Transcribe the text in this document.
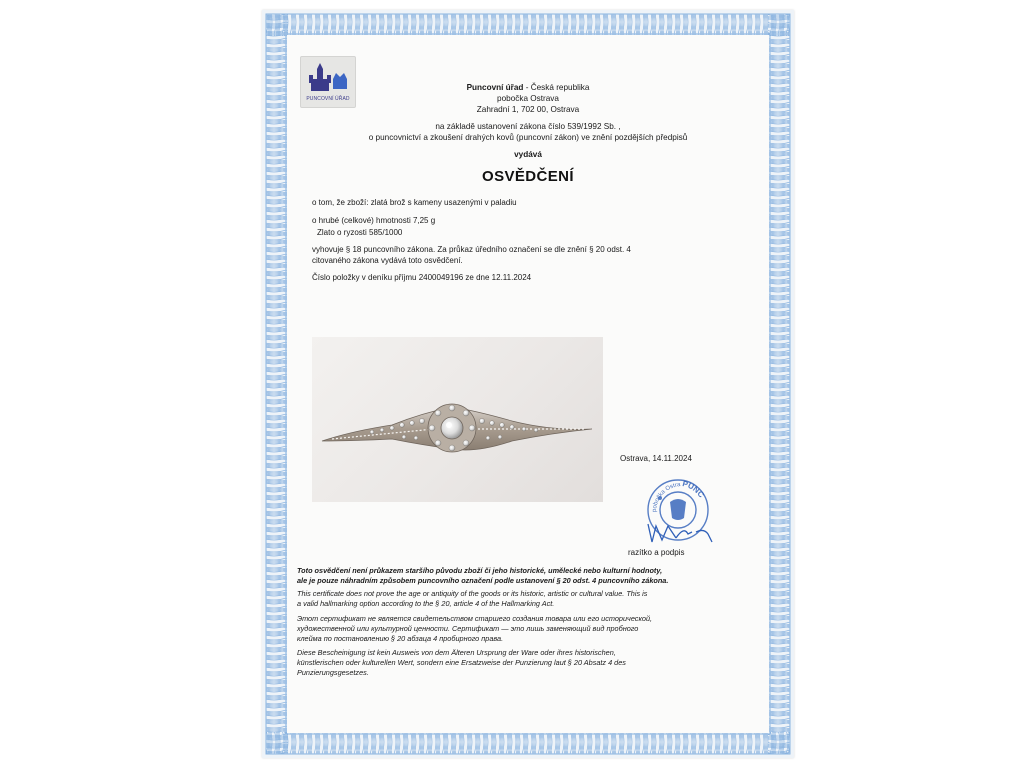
PUNCOVNÍ ÚŘAD
Puncovní úřad - Česká republika
pobočka Ostrava
Zahradní 1, 702 00, Ostrava
na základě ustanovení zákona číslo 539/1992 Sb. ,
o puncovnictví a zkoušení drahých kovů (puncovní zákon) ve znění pozdějších předpisů
vydává
OSVĚDČENÍ
o tom, že zboží: zlatá brož s kameny usazenými v paladiu
o hrubé (celkové) hmotnosti 7,25 g
Zlato o ryzosti 585/1000
vyhovuje § 18 puncovního zákona. Za průkaz úředního označení se dle znění § 20 odst. 4
citovaného zákona vydává toto osvědčení.
Číslo položky v deníku příjmu 2400049196 ze dne 12.11.2024
Ostrava, 14.11.2024
pobočka Ostra PUNC
razítko a podpis
Toto osvědčení není průkazem staršího původu zboží či jeho historické, umělecké nebo kulturní hodnoty,
ale je pouze náhradním způsobem puncovního označení podle ustanovení § 20 odst. 4 puncovního zákona.
This certificate does not prove the age or antiquity of the goods or its historic, artistic or cultural value. This is
a valid hallmarking option according to the § 20, article 4 of the Hallmarking Act.
Этот сертификат не является свидетельством старшего создания товара или его исторической,
художественной или культурной ценности. Сертификат — это лишь заменяющий вид пробного
клейма по постановлению § 20 абзаца 4 пробирного права.
Diese Bescheinigung ist kein Ausweis von dem Älteren Ursprung der Ware oder ihres historischen,
künstlerischen oder kulturellen Wert, sondern eine Ersatzweise der Punzierung laut § 20 Absatz 4 des
Punzierungsgesetzes.
